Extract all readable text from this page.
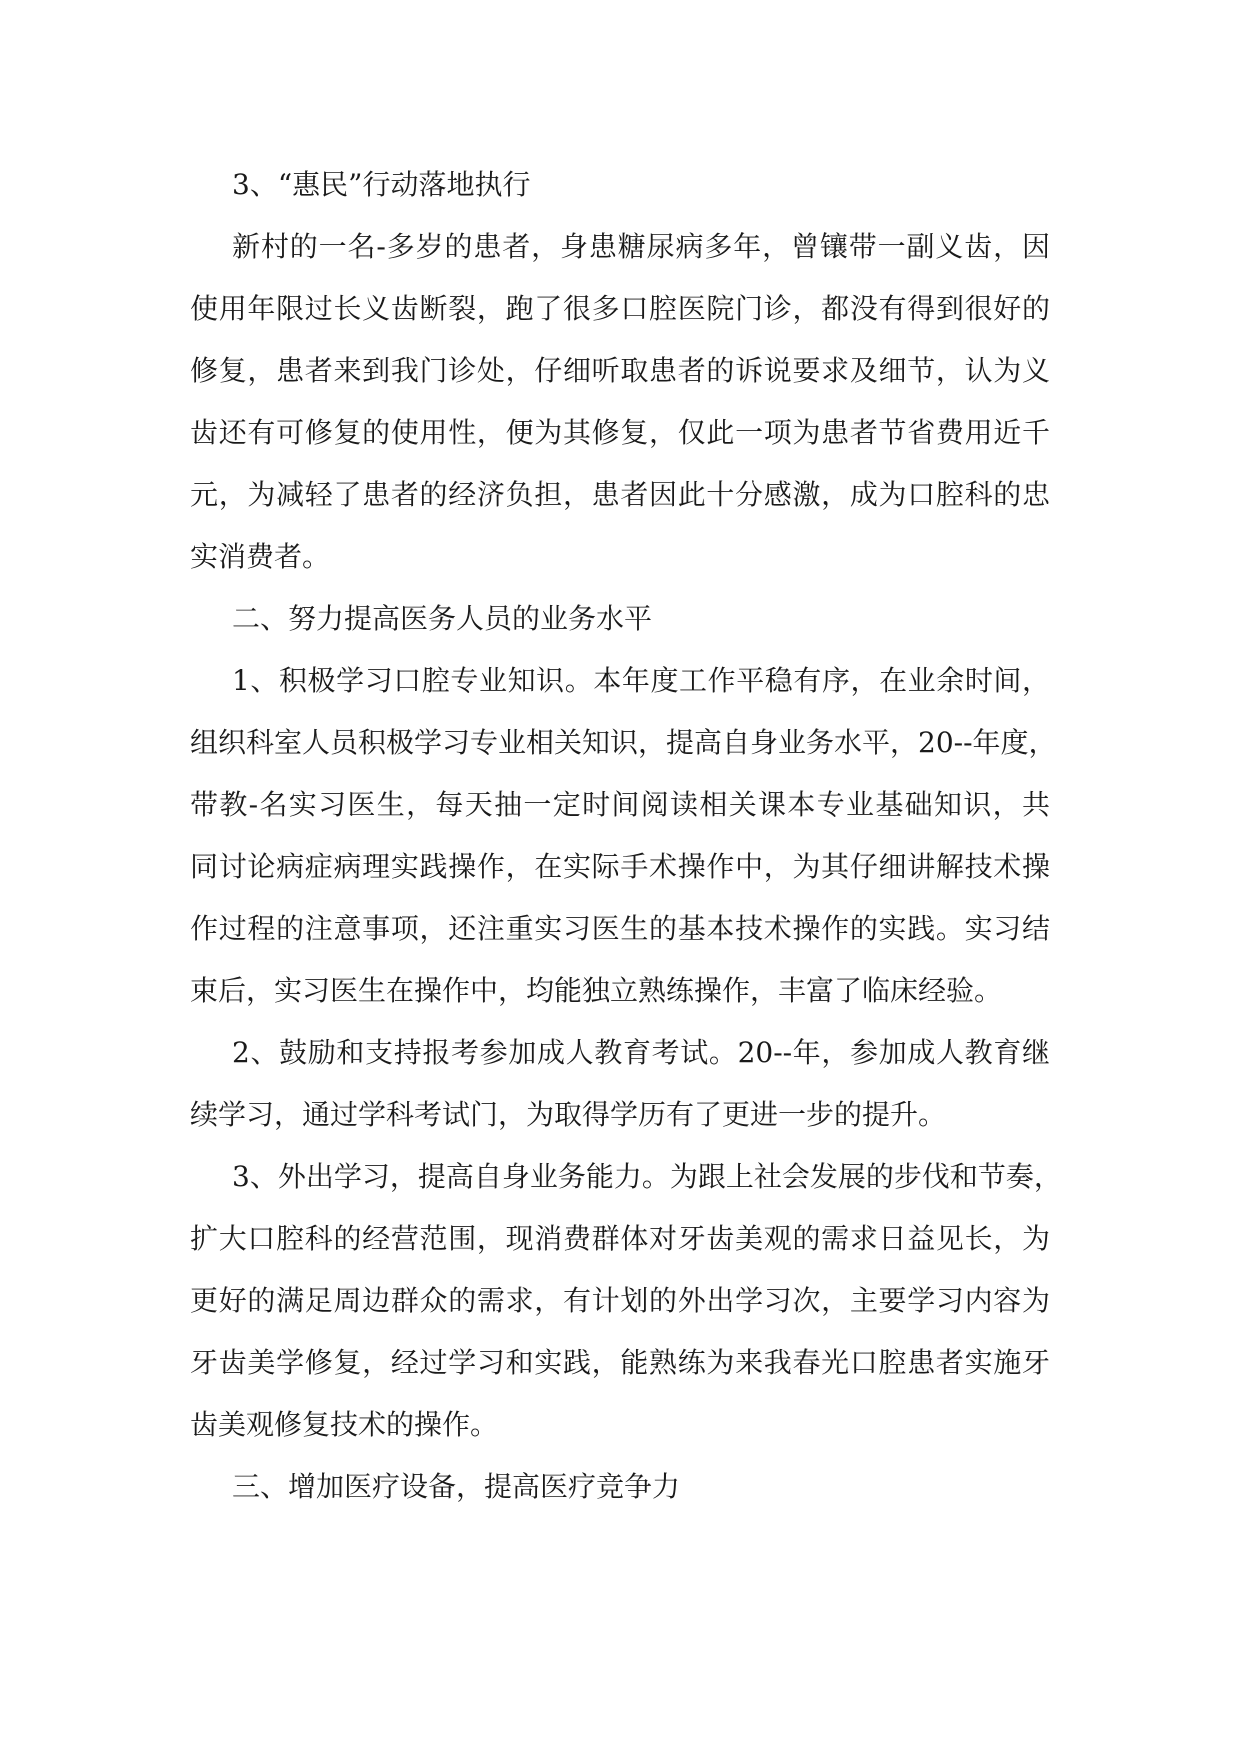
3、“惠民”行动落地执行
新村的一名-多岁的患者，身患糖尿病多年，曾镶带一副义齿，因
使用年限过长义齿断裂，跑了很多口腔医院门诊，都没有得到很好的
修复，患者来到我门诊处，仔细听取患者的诉说要求及细节，认为义
齿还有可修复的使用性，便为其修复，仅此一项为患者节省费用近千
元，为减轻了患者的经济负担，患者因此十分感激，成为口腔科的忠
实消费者。
二、努力提高医务人员的业务水平
1、积极学习口腔专业知识。本年度工作平稳有序，在业余时间，
组织科室人员积极学习专业相关知识，提高自身业务水平，20--年度，
带教-名实习医生，每天抽一定时间阅读相关课本专业基础知识，共
同讨论病症病理实践操作，在实际手术操作中，为其仔细讲解技术操
作过程的注意事项，还注重实习医生的基本技术操作的实践。实习结
束后，实习医生在操作中，均能独立熟练操作，丰富了临床经验。
2、鼓励和支持报考参加成人教育考试。20--年，参加成人教育继
续学习，通过学科考试门，为取得学历有了更进一步的提升。
3、外出学习，提高自身业务能力。为跟上社会发展的步伐和节奏，
扩大口腔科的经营范围，现消费群体对牙齿美观的需求日益见长，为
更好的满足周边群众的需求，有计划的外出学习次，主要学习内容为
牙齿美学修复，经过学习和实践，能熟练为来我春光口腔患者实施牙
齿美观修复技术的操作。
三、增加医疗设备，提高医疗竞争力
